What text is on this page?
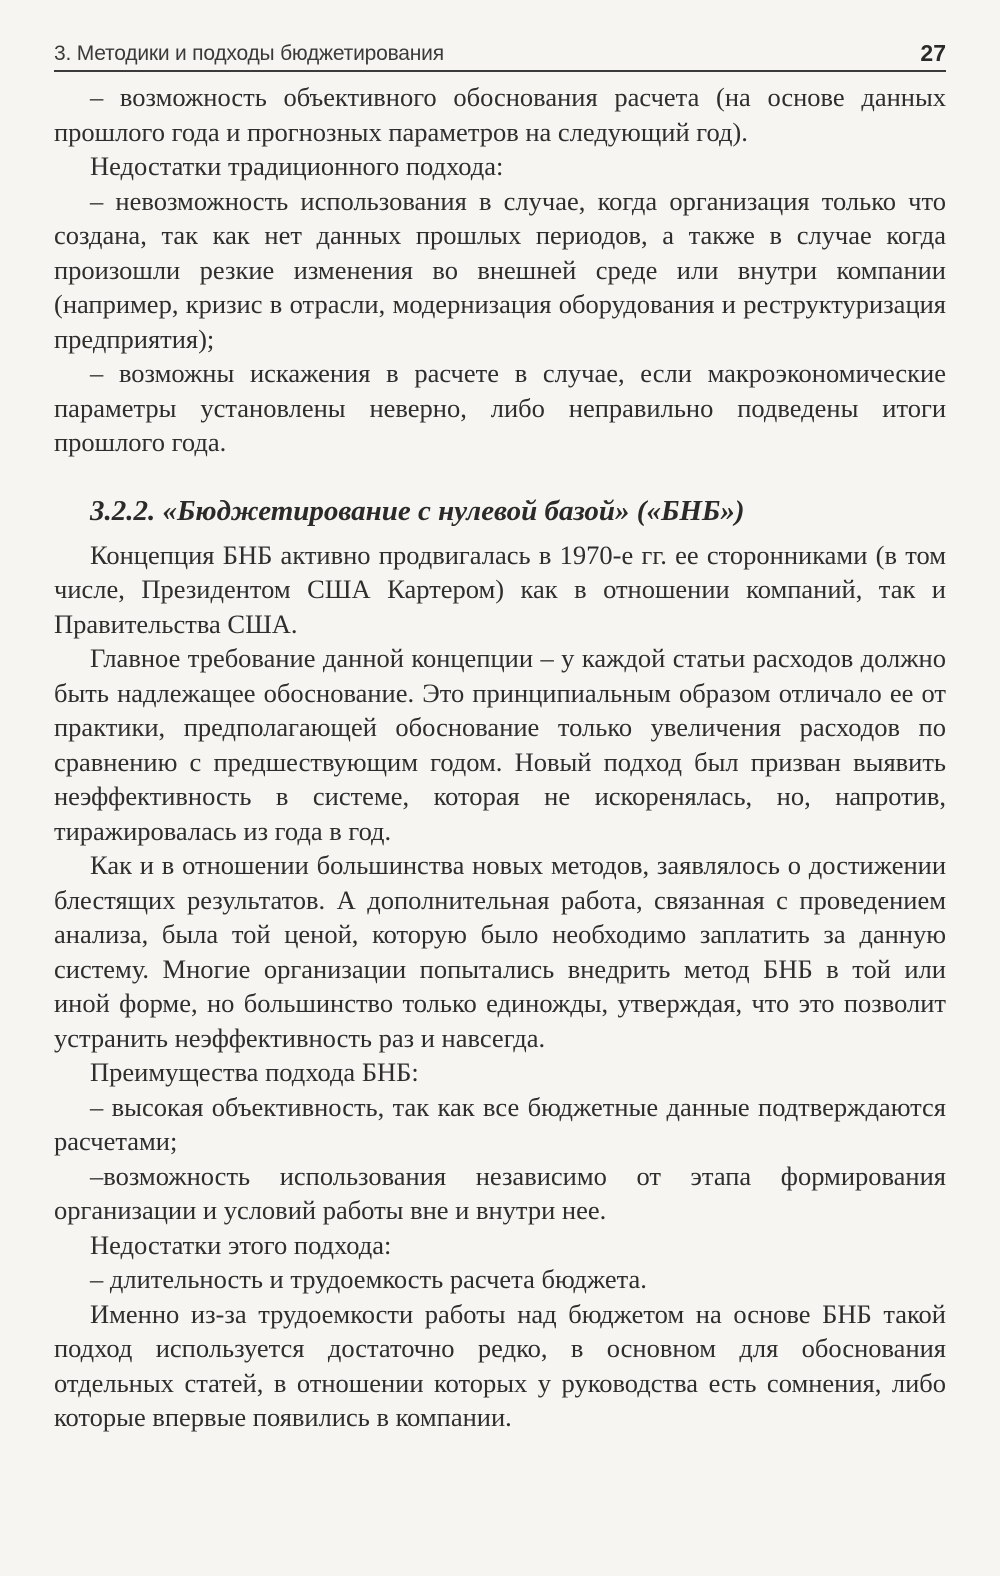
3. Методики и подходы бюджетирования	27

– возможность объективного обоснования расчета (на основе данных прошлого года и прогнозных параметров на следующий год).

Недостатки традиционного подхода:

– невозможность использования в случае, когда организация только что создана, так как нет данных прошлых периодов, а также в случае когда произошли резкие изменения во внешней среде или внутри компании (например, кризис в отрасли, модернизация оборудования и реструктуризация предприятия);

– возможны искажения в расчете в случае, если макроэкономические параметры установлены неверно, либо неправильно подведены итоги прошлого года.

3.2.2. «Бюджетирование с нулевой базой» («БНБ»)

Концепция БНБ активно продвигалась в 1970-е гг. ее сторонниками (в том числе, Президентом США Картером) как в отношении компаний, так и Правительства США.

Главное требование данной концепции – у каждой статьи расходов должно быть надлежащее обоснование. Это принципиальным образом отличало ее от практики, предполагающей обоснование только увеличения расходов по сравнению с предшествующим годом. Новый подход был призван выявить неэффективность в системе, которая не искоренялась, но, напротив, тиражировалась из года в год.

Как и в отношении большинства новых методов, заявлялось о достижении блестящих результатов. А дополнительная работа, связанная с проведением анализа, была той ценой, которую было необходимо заплатить за данную систему. Многие организации попытались внедрить метод БНБ в той или иной форме, но большинство только единожды, утверждая, что это позволит устранить неэффективность раз и навсегда.

Преимущества подхода БНБ:

– высокая объективность, так как все бюджетные данные подтверждаются расчетами;

–возможность использования независимо от этапа формирования организации и условий работы вне и внутри нее.

Недостатки этого подхода:

– длительность и трудоемкость расчета бюджета.

Именно из-за трудоемкости работы над бюджетом на основе БНБ такой подход используется достаточно редко, в основном для обоснования отдельных статей, в отношении которых у руководства есть сомнения, либо которые впервые появились в компании.
